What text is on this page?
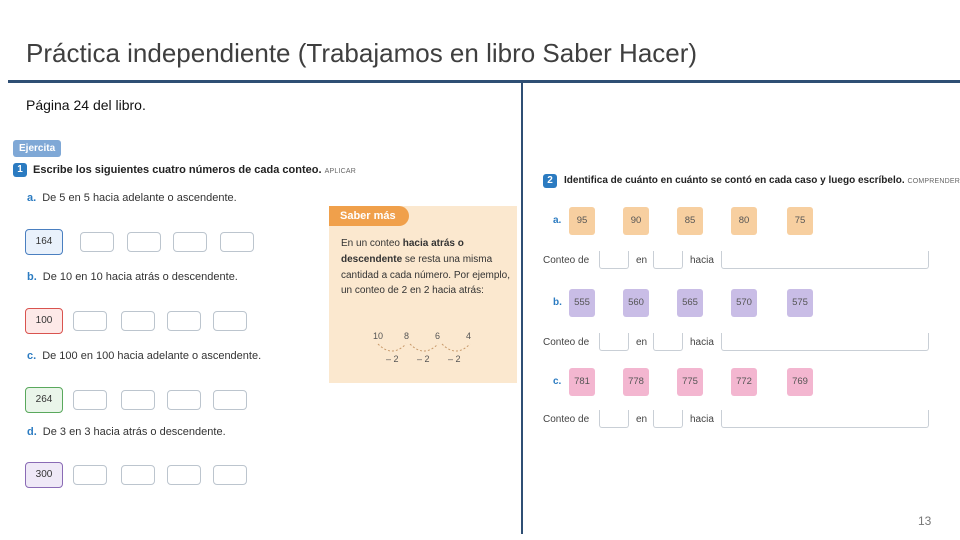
Práctica independiente (Trabajamos en libro Saber Hacer)
Página 24 del libro.
13
Ejercita
1 Escribe los siguientes cuatro números de cada conteo. APLICAR
a. De 5 en 5 hacia adelante o ascendente.
164
b. De 10 en 10 hacia atrás o descendente.
100
c. De 100 en 100 hacia adelante o ascendente.
264
d. De 3 en 3 hacia atrás o descendente.
300
Saber más
En un conteo hacia atrás o descendente se resta una misma cantidad a cada número. Por ejemplo, un conteo de 2 en 2 hacia atrás:
10 8	6	4
– 2 – 2 – 2
2	Identifica de cuánto en cuánto se contó en cada caso y luego escríbelo. COMPRENDER
a.	95	90	85	80	75
Conteo de	en	hacia
b.	555	560	565	570	575
Conteo de	en	hacia
c.	781	778	775	772	769
Conteo de	en	hacia
